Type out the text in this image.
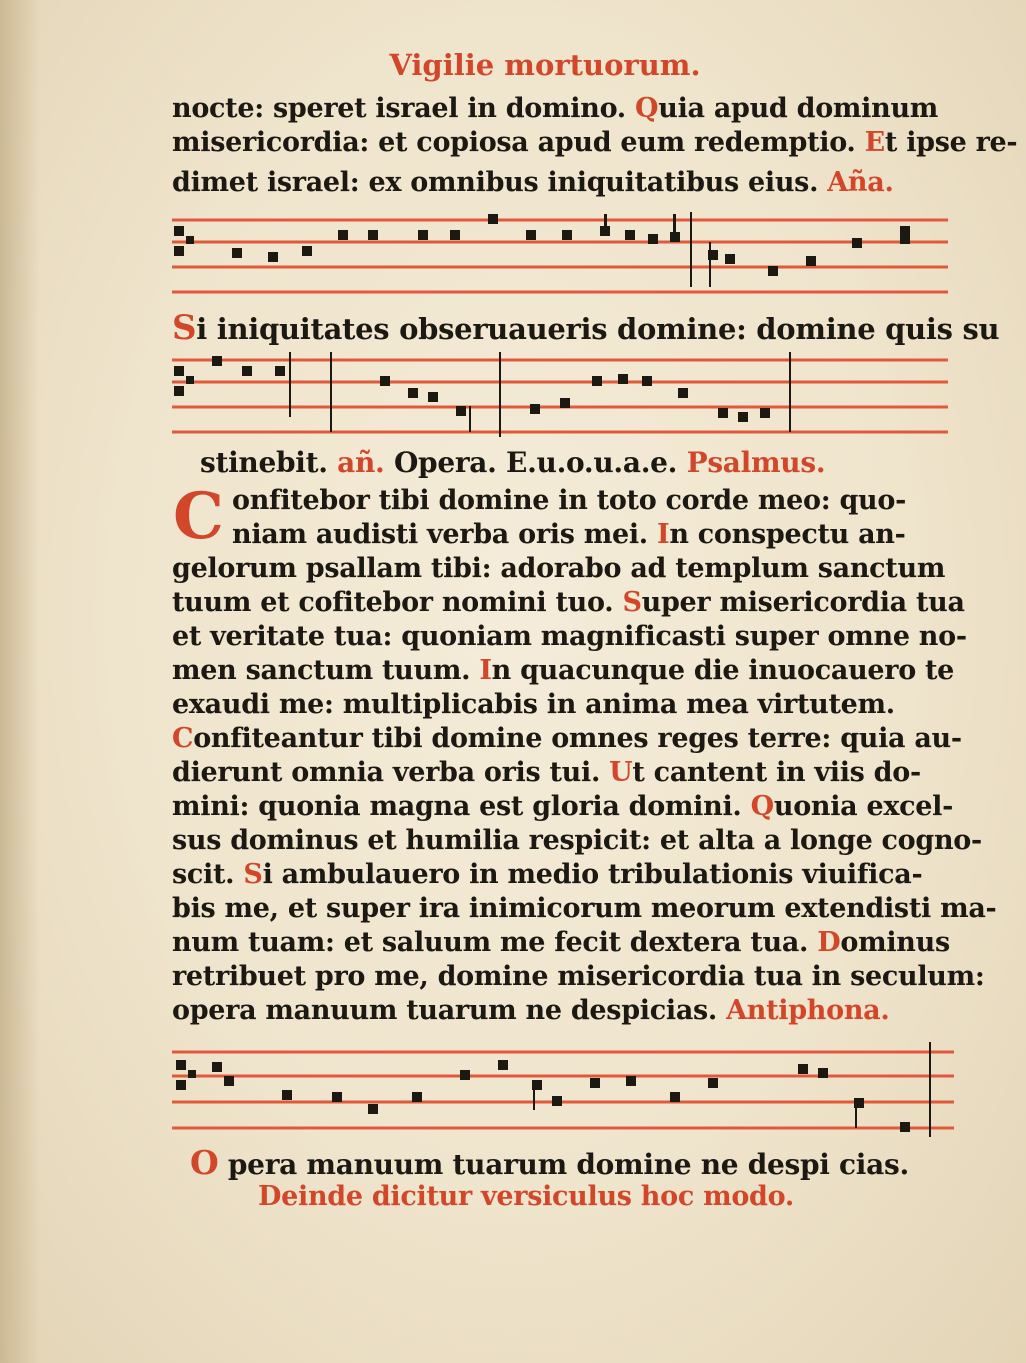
Vigilie mortuorum.
nocte: speret israel in domino. Quia apud dominum
misericordia: et copiosa apud eum redemptio. Et ipse re-
dimet israel: ex omnibus iniquitatibus eius. Aña.
Si iniquitates obseruaueris domine: domine quis su
stinebit. añ. Opera. E.u.o.u.a.e. Psalmus.
C onfitebor tibi domine in toto corde meo: quo-
niam audisti verba oris mei. In conspectu an-
gelorum psallam tibi: adorabo ad templum sanctum
tuum et cofitebor nomini tuo. Super misericordia tua
et veritate tua: quoniam magnificasti super omne no-
men sanctum tuum. In quacunque die inuocauero te
exaudi me: multiplicabis in anima mea virtutem.
Confiteantur tibi domine omnes reges terre: quia au-
dierunt omnia verba oris tui. Ut cantent in viis do-
mini: quonia magna est gloria domini. Quonia excel-
sus dominus et humilia respicit: et alta a longe cogno-
scit. Si ambulauero in medio tribulationis viuifica-
bis me, et super ira inimicorum meorum extendisti ma-
num tuam: et saluum me fecit dextera tua. Dominus
retribuet pro me, domine misericordia tua in seculum:
opera manuum tuarum ne despicias. Antiphona.
O pera manuum tuarum domine ne despi cias.
Deinde dicitur versiculus hoc modo.
